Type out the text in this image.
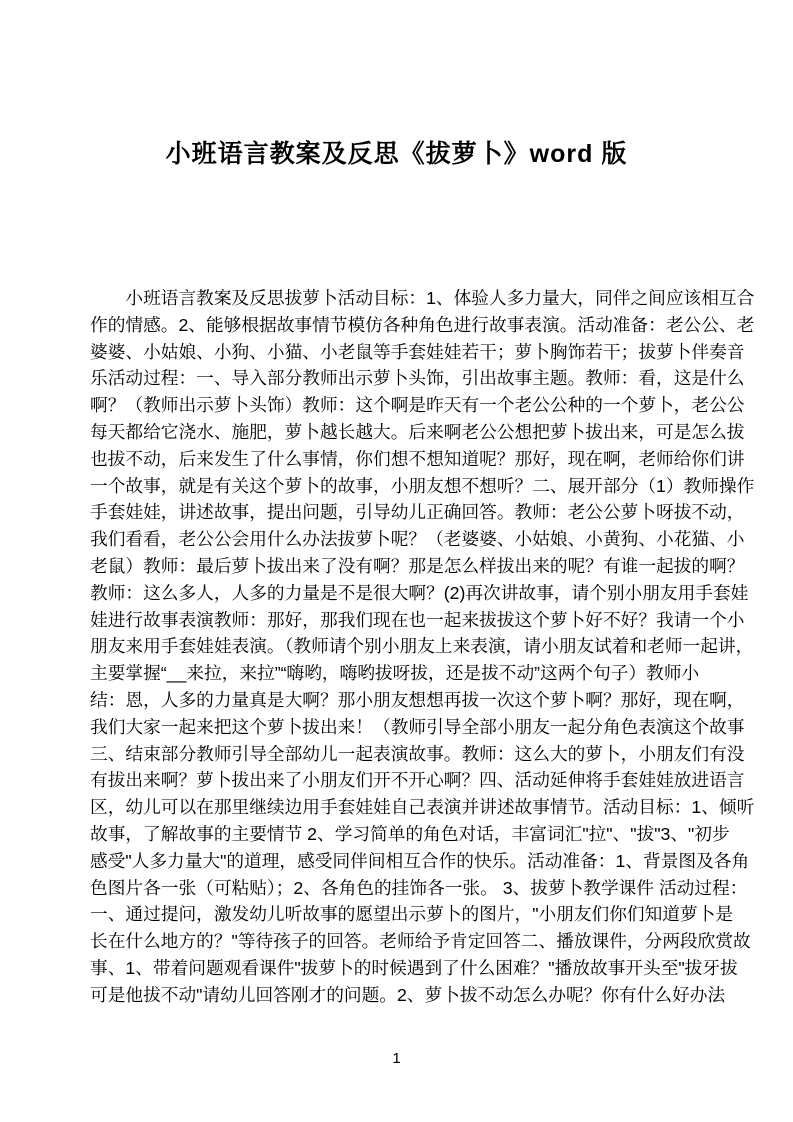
小班语言教案及反思《拔萝卜》word 版
小班语言教案及反思拔萝卜活动目标：1、体验人多力量大，同伴之间应该相互合
作的情感。2、能够根据故事情节模仿各种角色进行故事表演。活动准备：老公公、老
婆婆、小姑娘、小狗、小猫、小老鼠等手套娃娃若干；萝卜胸饰若干；拔萝卜伴奏音
乐活动过程：一、导入部分教师出示萝卜头饰，引出故事主题。教师：看，这是什么
啊？（教师出示萝卜头饰）教师：这个啊是昨天有一个老公公种的一个萝卜，老公公
每天都给它浇水、施肥，萝卜越长越大。后来啊老公公想把萝卜拔出来，可是怎么拔
也拔不动，后来发生了什么事情，你们想不想知道呢？那好，现在啊，老师给你们讲
一个故事，就是有关这个萝卜的故事，小朋友想不想听？二、展开部分（1）教师操作
手套娃娃，讲述故事，提出问题，引导幼儿正确回答。教师：老公公萝卜呀拔不动，
我们看看，老公公会用什么办法拔萝卜呢？（老婆婆、小姑娘、小黄狗、小花猫、小
老鼠）教师：最后萝卜拔出来了没有啊？那是怎么样拔出来的呢？有谁一起拔的啊？
教师：这么多人，人多的力量是不是很大啊？(2)再次讲故事，请个别小朋友用手套娃
娃进行故事表演教师：那好，那我们现在也一起来拔拔这个萝卜好不好？我请一个小
朋友来用手套娃娃表演。（教师请个别小朋友上来表演，请小朋友试着和老师一起讲，
主要掌握“__来拉，来拉”“嗨哟，嗨哟拔呀拔，还是拔不动”这两个句子）教师小
结：恩，人多的力量真是大啊？那小朋友想想再拔一次这个萝卜啊？那好，现在啊，
我们大家一起来把这个萝卜拔出来！（教师引导全部小朋友一起分角色表演这个故事
三、结束部分教师引导全部幼儿一起表演故事。教师：这么大的萝卜，小朋友们有没
有拔出来啊？萝卜拔出来了小朋友们开不开心啊？四、活动延伸将手套娃娃放进语言
区，幼儿可以在那里继续边用手套娃娃自己表演并讲述故事情节。活动目标：1、倾听
故事，了解故事的主要情节 2、学习简单的角色对话，丰富词汇"拉"、"拔"3、"初步
感受"人多力量大"的道理，感受同伴间相互合作的快乐。活动准备：1、背景图及各角
色图片各一张（可粘贴）；2、各角色的挂饰各一张。 3、拔萝卜教学课件 活动过程：
一、通过提问，激发幼儿听故事的愿望出示萝卜的图片，"小朋友们你们知道萝卜是
长在什么地方的？"等待孩子的回答。老师给予肯定回答二、播放课件，分两段欣赏故
事、1、带着问题观看课件"拔萝卜的时候遇到了什么困难？"播放故事开头至"拔牙拔
可是他拔不动"请幼儿回答刚才的问题。2、萝卜拔不动怎么办呢？你有什么好办法
1
